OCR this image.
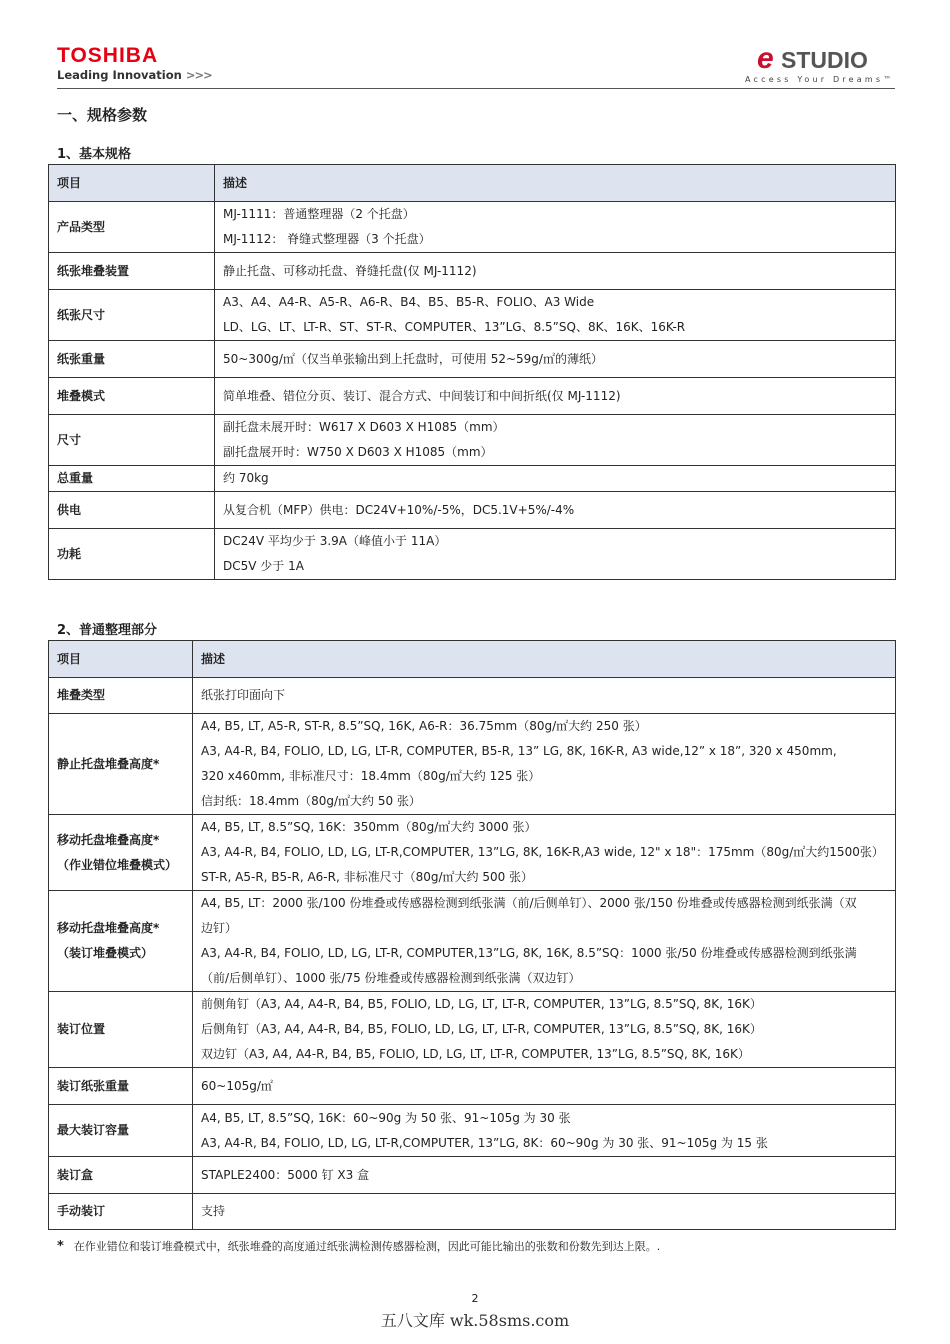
TOSHIBA
Leading Innovation >>>	e STUDIO
Access Your Dreams™
一、规格参数
1、基本规格
项目	描述

产品类型	MJ-1111：普通整理器（2 个托盘）
MJ-1112： 脊缝式整理器（3 个托盘）

纸张堆叠装置	静止托盘、可移动托盘、脊缝托盘(仅 MJ-1112)

纸张尺寸	A3、A4、A4-R、A5-R、A6-R、B4、B5、B5-R、FOLIO、A3 Wide
LD、LG、LT、LT-R、ST、ST-R、COMPUTER、13”LG、8.5”SQ、8K、16K、16K-R

纸张重量	50~300g/㎡（仅当单张输出到上托盘时，可使用 52~59g/㎡的薄纸）

堆叠模式	简单堆叠、错位分页、装订、混合方式、中间装订和中间折纸(仅 MJ-1112)

尺寸	副托盘未展开时：W617 X D603 X H1085（mm）
副托盘展开时：W750 X D603 X H1085（mm）

总重量	约 70kg

供电	从复合机（MFP）供电：DC24V+10%/-5%，DC5.1V+5%/-4%

功耗	DC24V 平均少于 3.9A（峰值小于 11A）
DC5V 少于 1A
2、普通整理部分
项目	描述

堆叠类型	纸张打印面向下

静止托盘堆叠高度*	A4, B5, LT, A5-R, ST-R, 8.5”SQ, 16K, A6-R：36.75mm（80g/㎡大约 250 张）
A3, A4-R, B4, FOLIO, LD, LG, LT-R, COMPUTER, B5-R, 13” LG, 8K, 16K-R, A3 wide,12” x 18”, 320 x 450mm,
320 x460mm, 非标准尺寸：18.4mm（80g/㎡大约 125 张）
信封纸：18.4mm（80g/㎡大约 50 张）

移动托盘堆叠高度*
（作业错位堆叠模式）	A4, B5, LT, 8.5”SQ, 16K：350mm（80g/㎡大约 3000 张）
A3, A4-R, B4, FOLIO, LD, LG, LT-R,COMPUTER, 13”LG, 8K, 16K-R,A3 wide, 12" x 18"：175mm（80g/㎡大约1500张）
ST-R, A5-R, B5-R, A6-R, 非标准尺寸（80g/㎡大约 500 张）

移动托盘堆叠高度*
（装订堆叠模式）	A4, B5, LT：2000 张/100 份堆叠或传感器检测到纸张满（前/后侧单钉）、2000 张/150 份堆叠或传感器检测到纸张满（双
边钉）
A3, A4-R, B4, FOLIO, LD, LG, LT-R, COMPUTER,13”LG, 8K, 16K, 8.5”SQ：1000 张/50 份堆叠或传感器检测到纸张满
（前/后侧单钉）、1000 张/75 份堆叠或传感器检测到纸张满（双边钉）

装订位置	前侧角钉（A3, A4, A4-R, B4, B5, FOLIO, LD, LG, LT, LT-R, COMPUTER, 13”LG, 8.5”SQ, 8K, 16K）
后侧角钉（A3, A4, A4-R, B4, B5, FOLIO, LD, LG, LT, LT-R, COMPUTER, 13”LG, 8.5”SQ, 8K, 16K）
双边钉（A3, A4, A4-R, B4, B5, FOLIO, LD, LG, LT, LT-R, COMPUTER, 13”LG, 8.5”SQ, 8K, 16K）

装订纸张重量	60~105g/㎡

最大装订容量	A4, B5, LT, 8.5”SQ, 16K：60~90g 为 50 张、91~105g 为 30 张
A3, A4-R, B4, FOLIO, LD, LG, LT-R,COMPUTER, 13”LG, 8K：60~90g 为 30 张、91~105g 为 15 张

装订盒	STAPLE2400：5000 钉 X3 盒

手动装订	支持
* 在作业错位和装订堆叠模式中，纸张堆叠的高度通过纸张满检测传感器检测，因此可能比输出的张数和份数先到达上限。.
2
五八文库 wk.58sms.com
